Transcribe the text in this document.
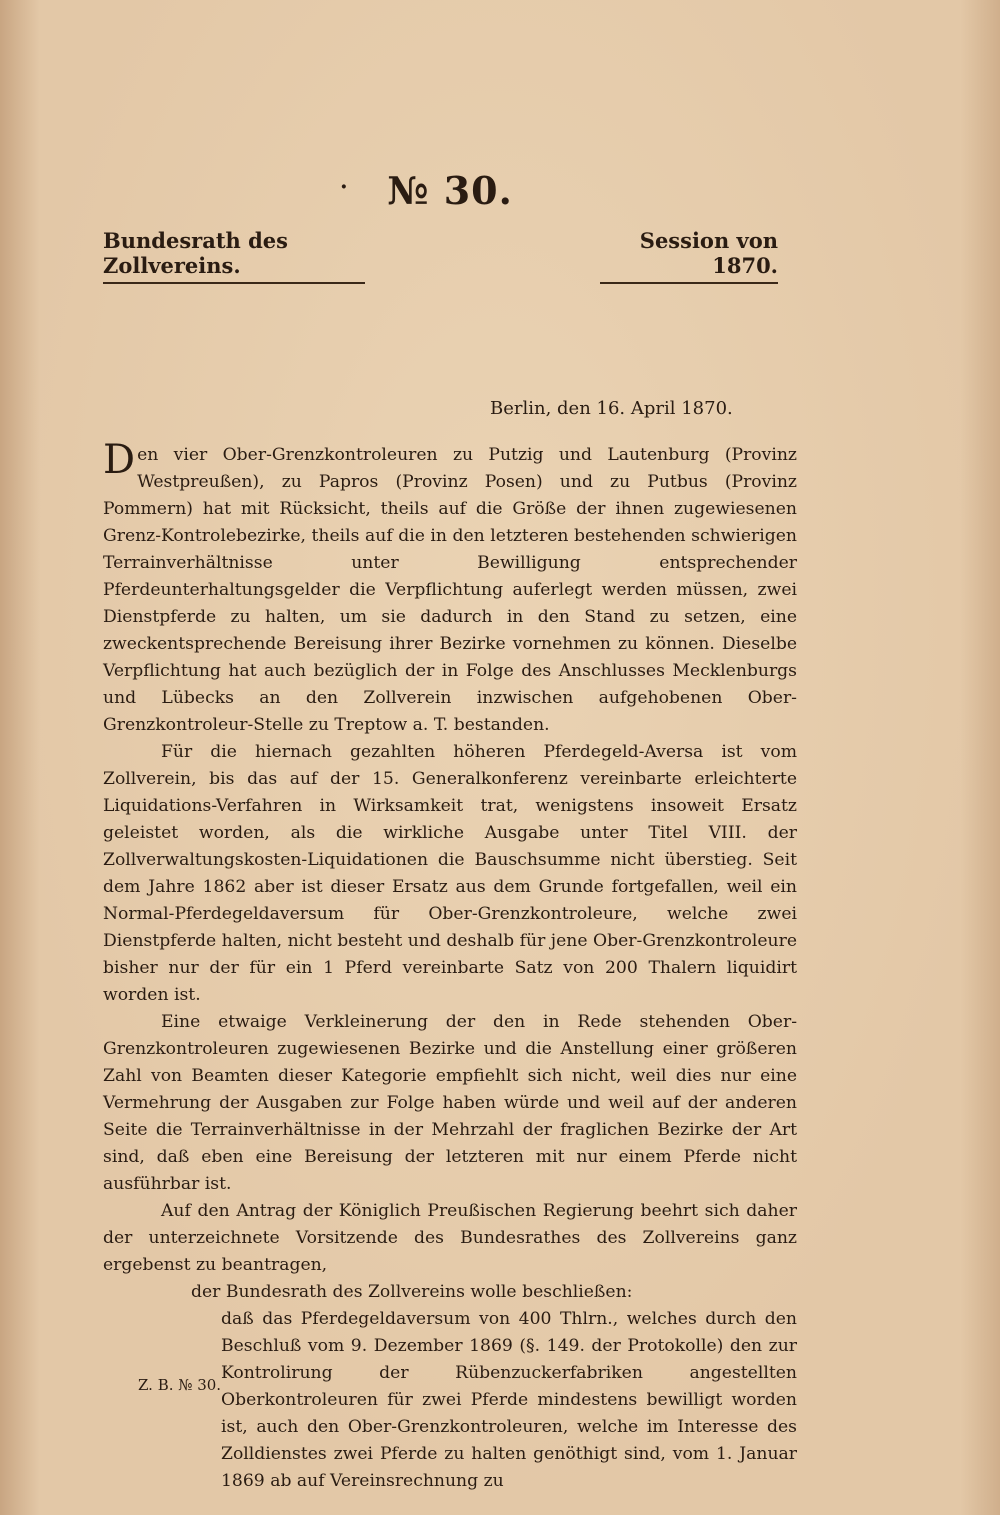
· № 30.
Bundesrath des Zollvereins.
Session von 1870.
Berlin, den 16. April 1870.

Den vier Ober-Grenzkontroleuren zu Putzig und Lautenburg (Provinz Westpreußen), zu Papros (Provinz Posen) und zu Putbus (Provinz Pommern) hat mit Rücksicht, theils auf die Größe der ihnen zugewiesenen Grenz-Kontrolebezirke, theils auf die in den letzteren bestehenden schwierigen Terrainverhältnisse unter Bewilligung entsprechender Pferdeunterhaltungsgelder die Verpflichtung auferlegt werden müssen, zwei Dienstpferde zu halten, um sie dadurch in den Stand zu setzen, eine zweckentsprechende Bereisung ihrer Bezirke vornehmen zu können. Dieselbe Verpflichtung hat auch bezüglich der in Folge des Anschlusses Mecklenburgs und Lübecks an den Zollverein inzwischen aufgehobenen Ober-Grenzkontroleur-Stelle zu Treptow a. T. bestanden.

Für die hiernach gezahlten höheren Pferdegeld-Aversa ist vom Zollverein, bis das auf der 15. Generalkonferenz vereinbarte erleichterte Liquidations-Verfahren in Wirksamkeit trat, wenigstens insoweit Ersatz geleistet worden, als die wirkliche Ausgabe unter Titel VIII. der Zollverwaltungskosten-Liquidationen die Bauschsumme nicht überstieg. Seit dem Jahre 1862 aber ist dieser Ersatz aus dem Grunde fortgefallen, weil ein Normal-Pferdegeldaversum für Ober-Grenzkontroleure, welche zwei Dienstpferde halten, nicht besteht und deshalb für jene Ober-Grenzkontroleure bisher nur der für ein 1 Pferd vereinbarte Satz von 200 Thalern liquidirt worden ist.

Eine etwaige Verkleinerung der den in Rede stehenden Ober-Grenzkontroleuren zugewiesenen Bezirke und die Anstellung einer größeren Zahl von Beamten dieser Kategorie empfiehlt sich nicht, weil dies nur eine Vermehrung der Ausgaben zur Folge haben würde und weil auf der anderen Seite die Terrainverhältnisse in der Mehrzahl der fraglichen Bezirke der Art sind, daß eben eine Bereisung der letzteren mit nur einem Pferde nicht ausführbar ist.

Auf den Antrag der Königlich Preußischen Regierung beehrt sich daher der unterzeichnete Vorsitzende des Bundesrathes des Zollvereins ganz ergebenst zu beantragen,

der Bundesrath des Zollvereins wolle beschließen:

daß das Pferdegeldaversum von 400 Thlrn., welches durch den Beschluß vom 9. Dezember 1869 (§. 149. der Protokolle) den zur Kontrolirung der Rübenzuckerfabriken angestellten Oberkontroleuren für zwei Pferde mindestens bewilligt worden ist, auch den Ober-Grenzkontroleuren, welche im Interesse des Zolldienstes zwei Pferde zu halten genöthigt sind, vom 1. Januar 1869 ab auf Vereinsrechnung zu

Z. B. № 30.
